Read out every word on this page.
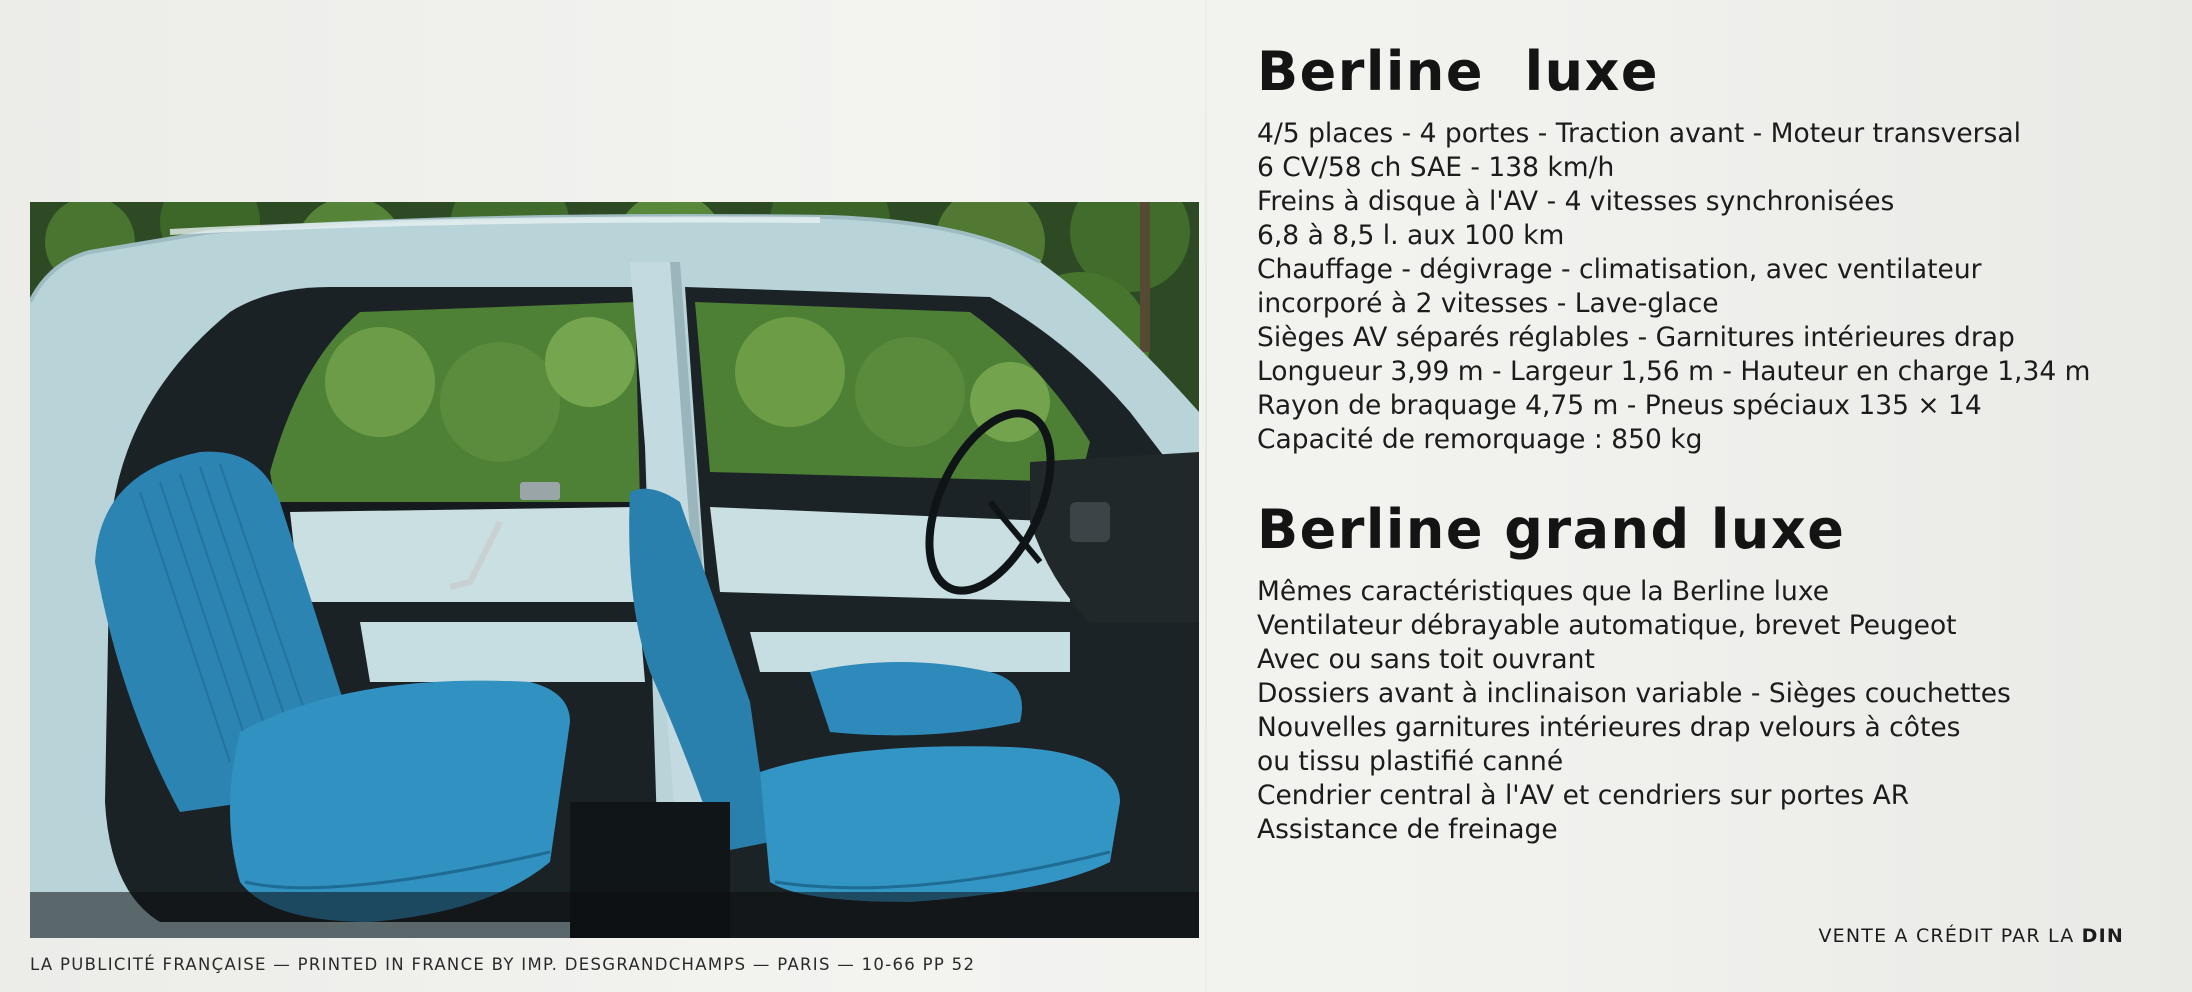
Berline  luxe
4/5 places - 4 portes - Traction avant - Moteur transversal
6 CV/58 ch SAE - 138 km/h
Freins à disque à l'AV - 4 vitesses synchronisées
6,8 à 8,5 l. aux 100 km
Chauffage - dégivrage - climatisation, avec ventilateur
incorporé à 2 vitesses - Lave-glace
Sièges AV séparés réglables - Garnitures intérieures drap
Longueur 3,99 m - Largeur 1,56 m - Hauteur en charge 1,34 m
Rayon de braquage 4,75 m - Pneus spéciaux 135 × 14
Capacité de remorquage : 850 kg
Berline grand luxe
Mêmes caractéristiques que la Berline luxe
Ventilateur débrayable automatique, brevet Peugeot
Avec ou sans toit ouvrant
Dossiers avant à inclinaison variable - Sièges couchettes
Nouvelles garnitures intérieures drap velours à côtes
ou tissu plastifié canné
Cendrier central à l'AV et cendriers sur portes AR
Assistance de freinage
VENTE A CRÉDIT PAR LA DIN
LA PUBLICITÉ FRANÇAISE — PRINTED IN FRANCE BY IMP. DESGRANDCHAMPS — PARIS — 10-66 PP 52
